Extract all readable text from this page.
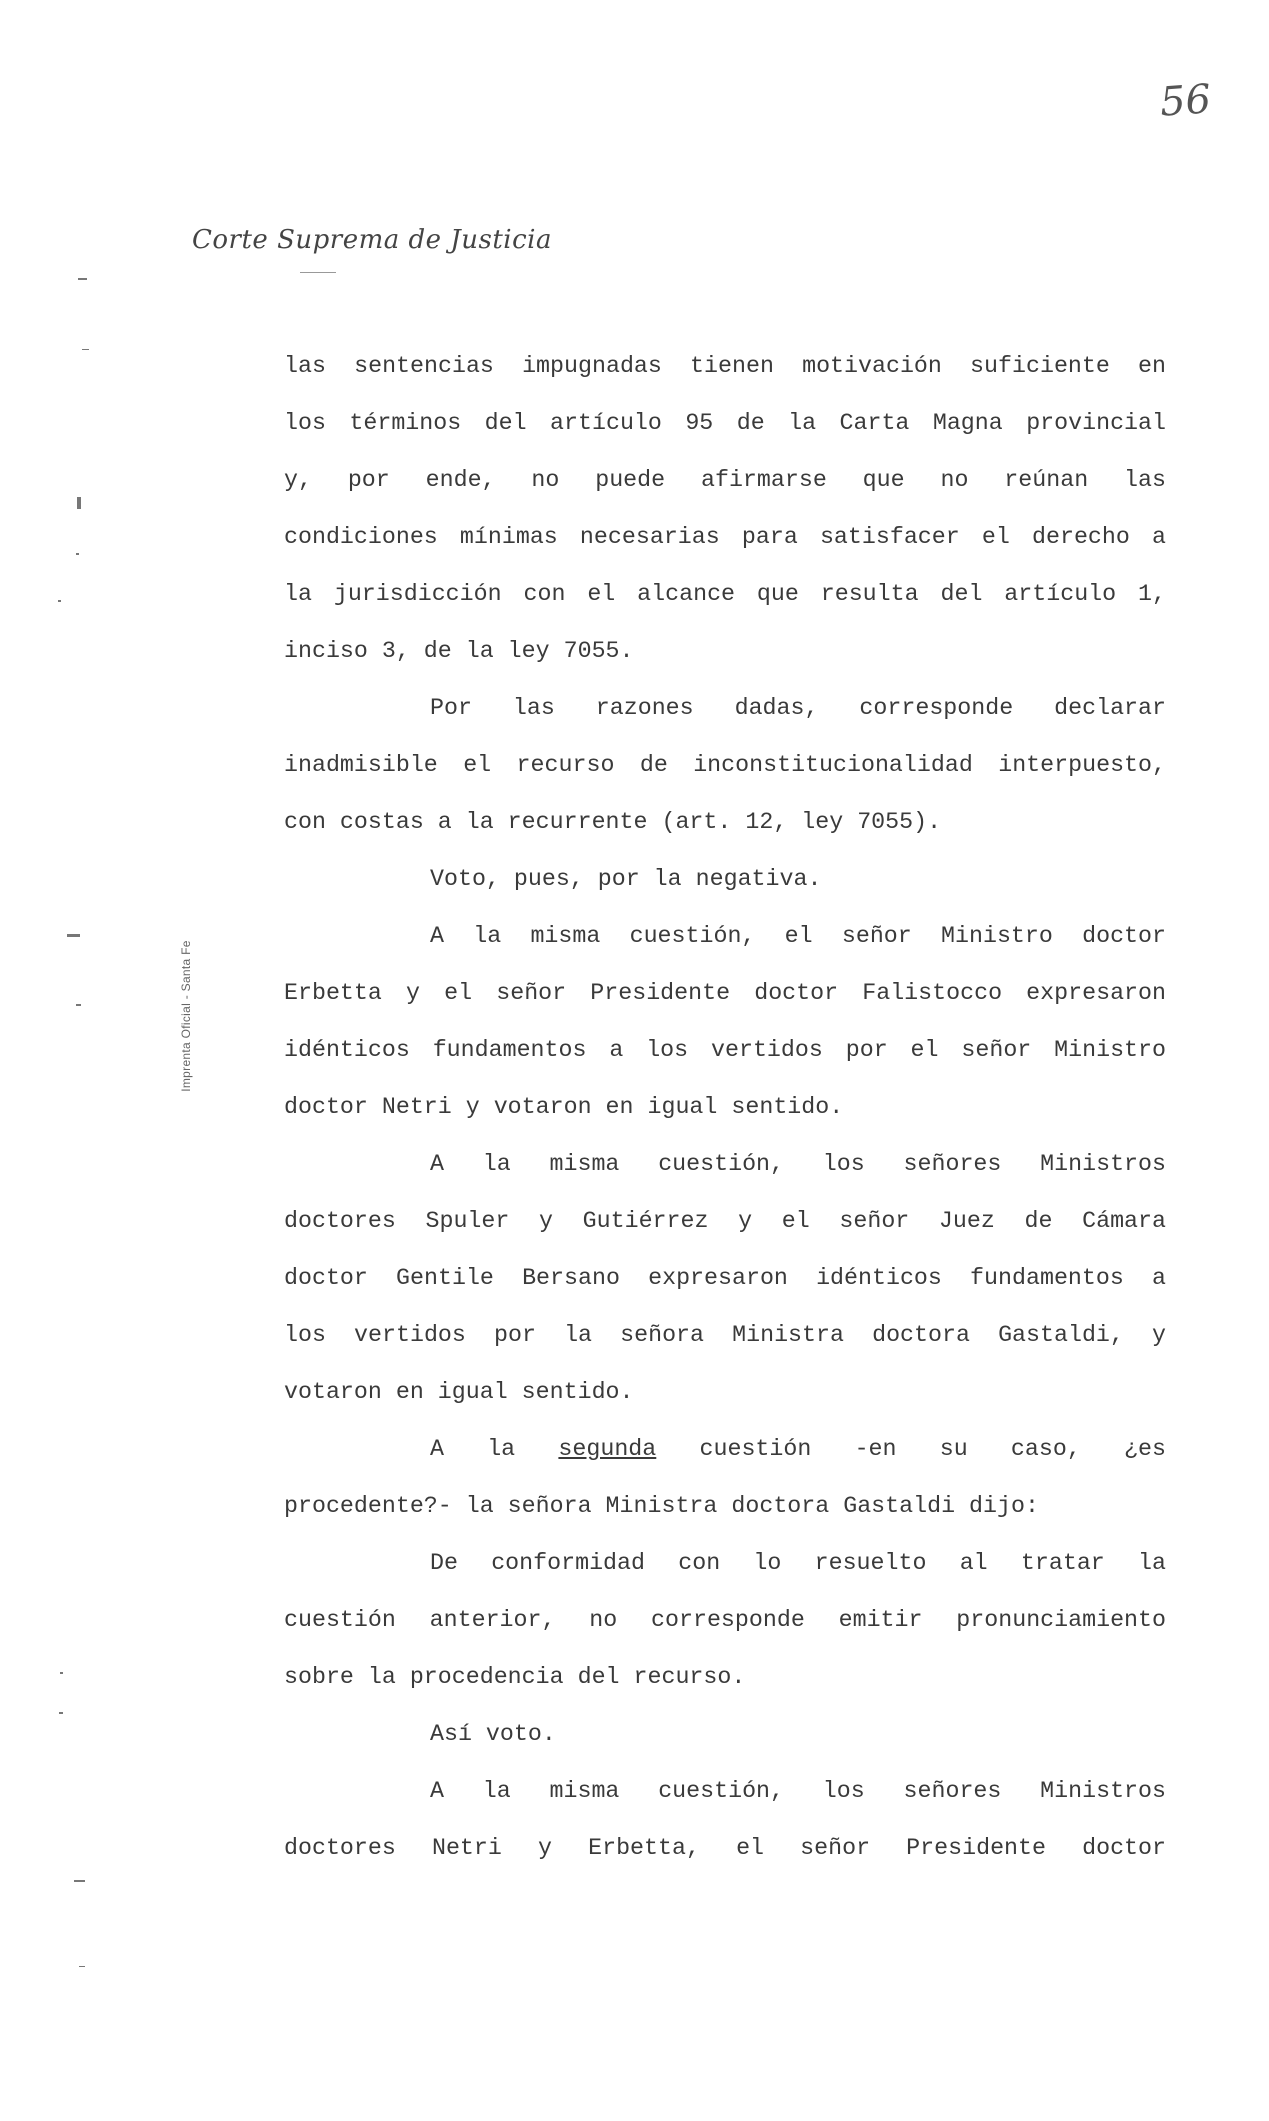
56
Corte Suprema de Justicia
Imprenta Oficial - Santa Fe
las sentencias impugnadas tienen motivación suficiente en
los términos del artículo 95 de la Carta Magna provincial
y, por ende, no puede afirmarse que no reúnan las
condiciones mínimas necesarias para satisfacer el derecho a
la jurisdicción con el alcance que resulta del artículo 1,
inciso 3, de la ley 7055.
Por las razones dadas, corresponde declarar
inadmisible el recurso de inconstitucionalidad interpuesto,
con costas a la recurrente (art. 12, ley 7055).
Voto, pues, por la negativa.
A la misma cuestión, el señor Ministro doctor
Erbetta y el señor Presidente doctor Falistocco expresaron
idénticos fundamentos a los vertidos por el señor Ministro
doctor Netri y votaron en igual sentido.
A la misma cuestión, los señores Ministros
doctores Spuler y Gutiérrez y el señor Juez de Cámara
doctor Gentile Bersano expresaron idénticos fundamentos a
los vertidos por la señora Ministra doctora Gastaldi, y
votaron en igual sentido.
A la segunda cuestión -en su caso, ¿es
procedente?- la señora Ministra doctora Gastaldi dijo:
De conformidad con lo resuelto al tratar la
cuestión anterior, no corresponde emitir pronunciamiento
sobre la procedencia del recurso.
Así voto.
A la misma cuestión, los señores Ministros
doctores Netri y Erbetta, el señor Presidente doctor
